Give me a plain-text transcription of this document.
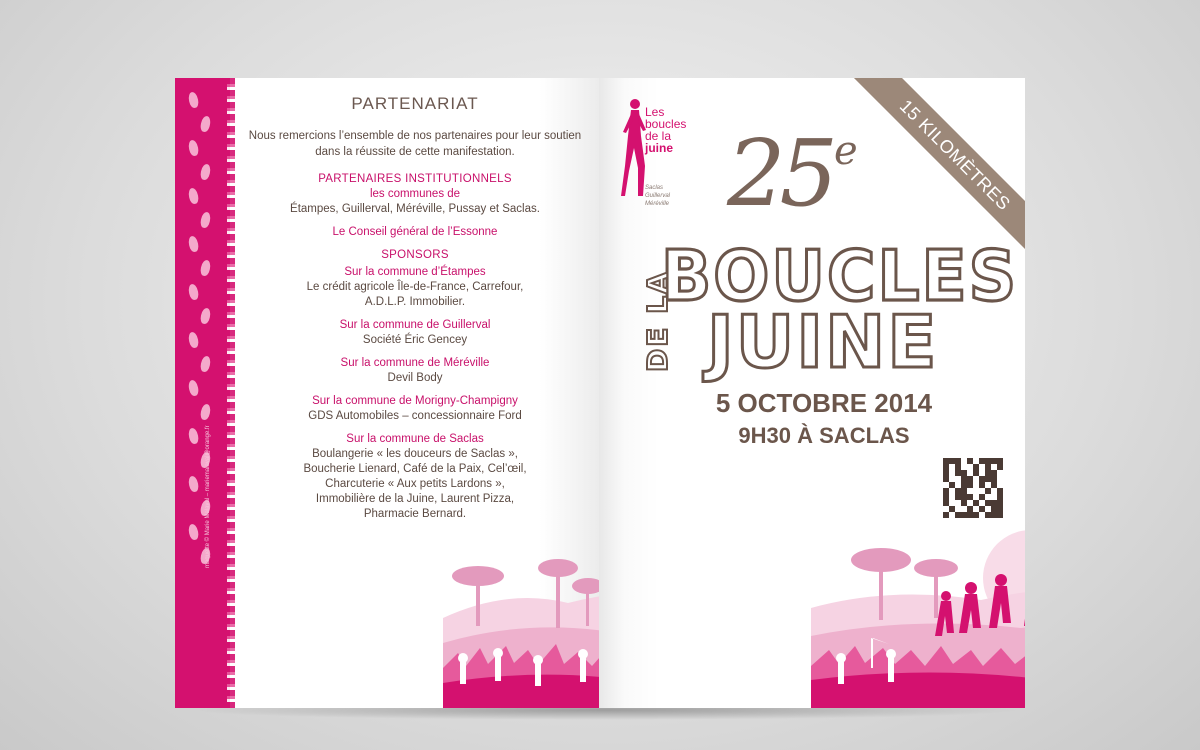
maquette © Marie Malaval – mariemalaval@orange.fr
PARTENARIAT
Nous remercions l’ensemble de nos partenaires pour leur soutien dans la réussite de cette manifestation.
PARTENAIRES INSTITUTIONNELS
les communes de
Étampes, Guillerval, Méréville, Pussay et Saclas.
Le Conseil général de l’Essonne
SPONSORS
Sur la commune d’Étampes
Le crédit agricole Île-de-France, Carrefour,
A.D.L.P. Immobilier.
Sur la commune de Guillerval
Société Éric Gencey
Sur la commune de Méréville
Devil Body
Sur la commune de Morigny-Champigny
GDS Automobiles – concessionnaire Ford
Sur la commune de Saclas
Boulangerie « les douceurs de Saclas »,
Boucherie Lienard, Café de la Paix, Cel’œil,
Charcuterie « Aux petits Lardons »,
Immobilière de la Juine, Laurent Pizza,
Pharmacie Bernard.
Les
boucles
de la
juine
Saclas
Guillerval
Méréville	15 KILOMÈTRES
25 e
BOUCLES
DE LA JUINE
5 OCTOBRE 2014
9H30 À SACLAS
